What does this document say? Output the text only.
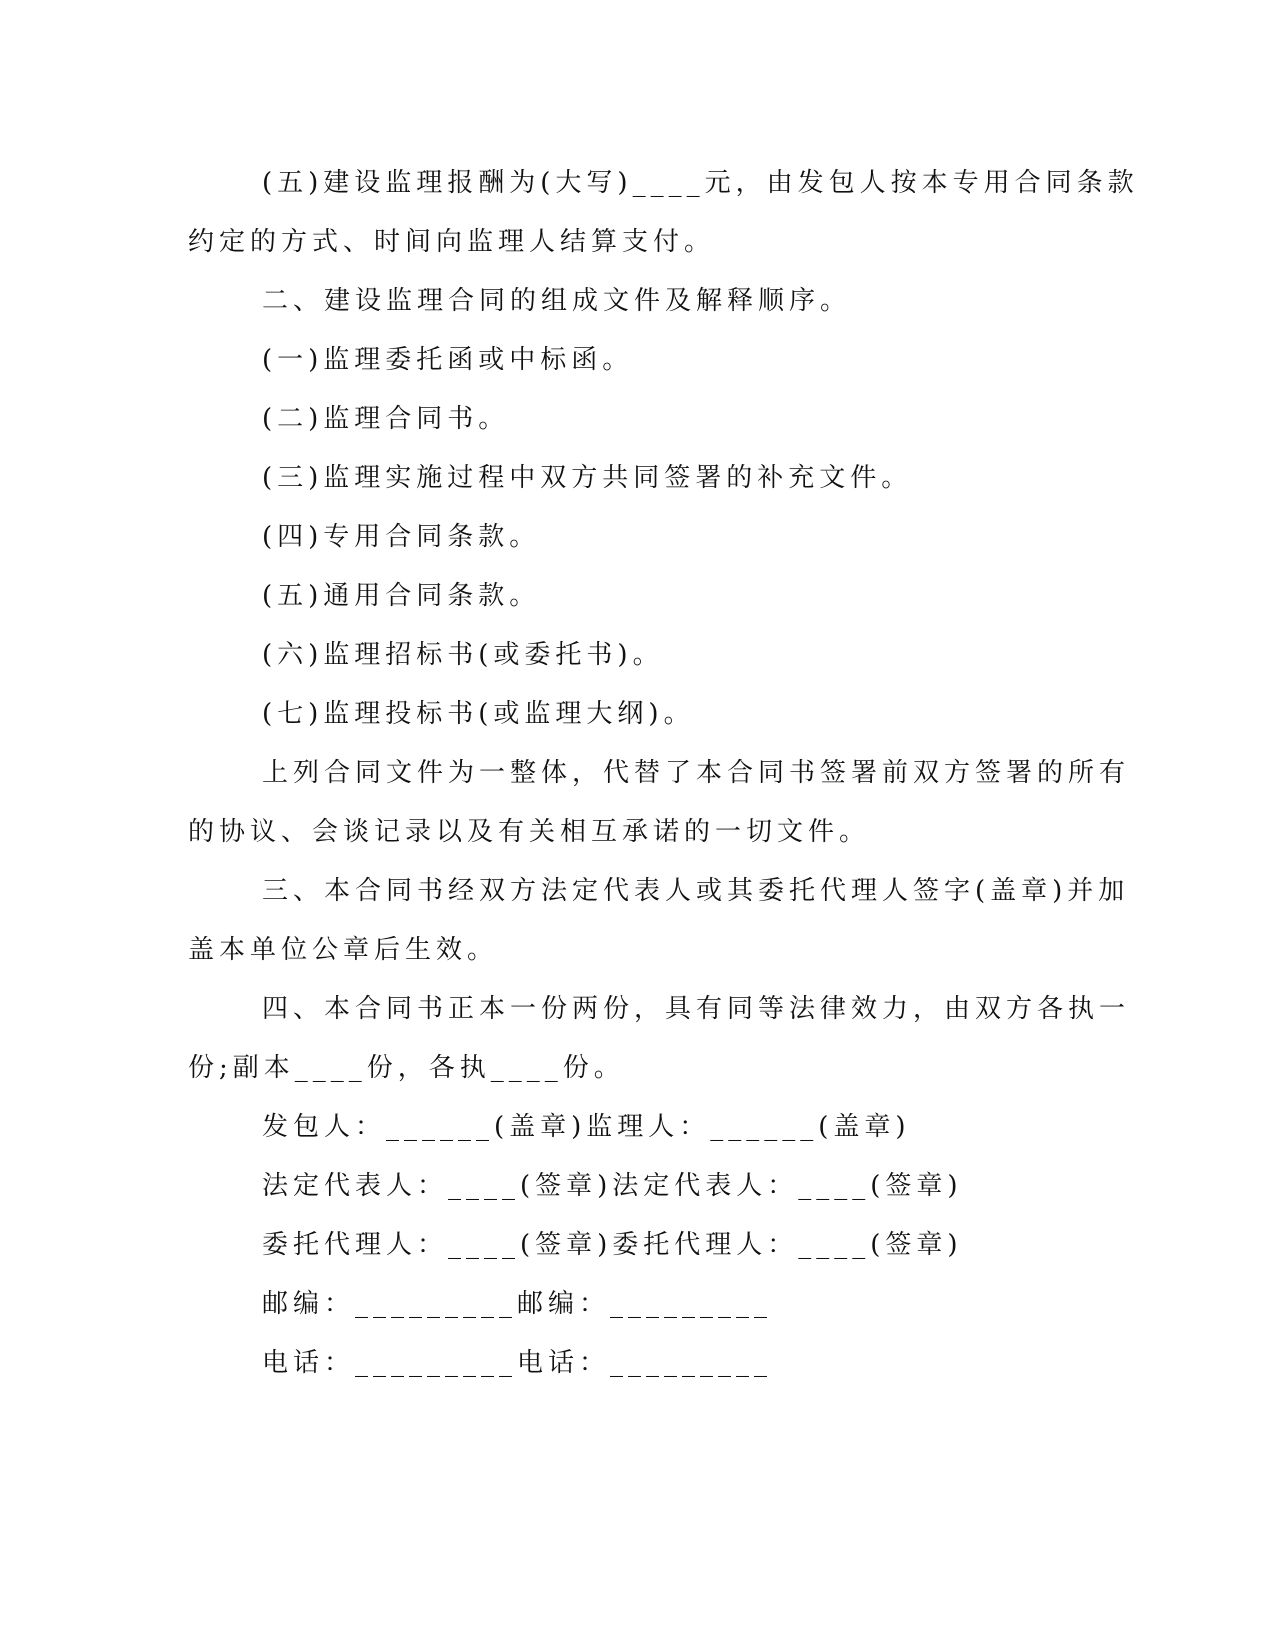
(五)建设监理报酬为(大写)____元，由发包人按本专用合同条款
约定的方式、时间向监理人结算支付。
二、建设监理合同的组成文件及解释顺序。
(一)监理委托函或中标函。
(二)监理合同书。
(三)监理实施过程中双方共同签署的补充文件。
(四)专用合同条款。
(五)通用合同条款。
(六)监理招标书(或委托书)。
(七)监理投标书(或监理大纲)。
上列合同文件为一整体，代替了本合同书签署前双方签署的所有
的协议、会谈记录以及有关相互承诺的一切文件。
三、本合同书经双方法定代表人或其委托代理人签字(盖章)并加
盖本单位公章后生效。
四、本合同书正本一份两份，具有同等法律效力，由双方各执一
份;副本____份，各执____份。
发包人：______(盖章)监理人：______(盖章)
法定代表人：____(签章)法定代表人：____(签章)
委托代理人：____(签章)委托代理人：____(签章)
邮编：_________邮编：_________
电话：_________电话：_________
